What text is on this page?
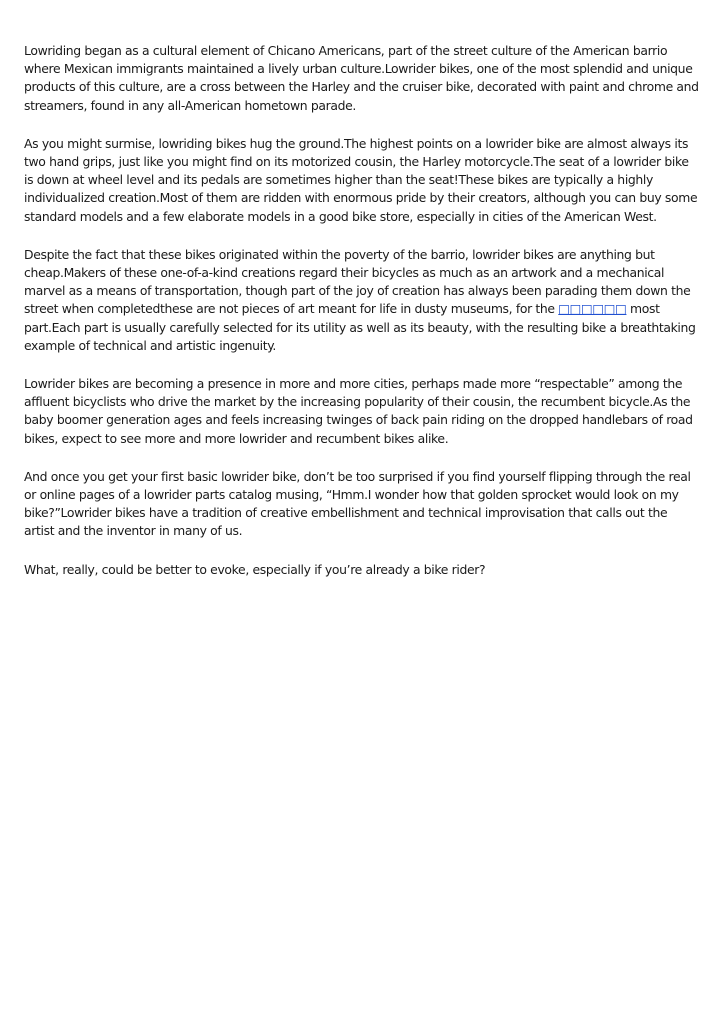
Lowriding began as a cultural element of Chicano Americans, part of the street culture of the American barrio where Mexican immigrants maintained a lively urban culture.Lowrider bikes, one of the most splendid and unique products of this culture, are a cross between the Harley and the cruiser bike, decorated with paint and chrome and streamers, found in any all-American hometown parade.

As you might surmise, lowriding bikes hug the ground.The highest points on a lowrider bike are almost always its two hand grips, just like you might find on its motorized cousin, the Harley motorcycle.The seat of a lowrider bike is down at wheel level and its pedals are sometimes higher than the seat!These bikes are typically a highly individualized creation.Most of them are ridden with enormous pride by their creators, although you can buy some standard models and a few elaborate models in a good bike store, especially in cities of the American West.

Despite the fact that these bikes originated within the poverty of the barrio, lowrider bikes are anything but cheap.Makers of these one-of-a-kind creations regard their bicycles as much as an artwork and a mechanical marvel as a means of transportation, though part of the joy of creation has always been parading them down the street when completedthese are not pieces of art meant for life in dusty museums, for the □□□□□□ most part.Each part is usually carefully selected for its utility as well as its beauty, with the resulting bike a breathtaking example of technical and artistic ingenuity.

Lowrider bikes are becoming a presence in more and more cities, perhaps made more “respectable” among the affluent bicyclists who drive the market by the increasing popularity of their cousin, the recumbent bicycle.As the baby boomer generation ages and feels increasing twinges of back pain riding on the dropped handlebars of road bikes, expect to see more and more lowrider and recumbent bikes alike.

And once you get your first basic lowrider bike, don’t be too surprised if you find yourself flipping through the real or online pages of a lowrider parts catalog musing, “Hmm.I wonder how that golden sprocket would look on my bike?”Lowrider bikes have a tradition of creative embellishment and technical improvisation that calls out the artist and the inventor in many of us.

What, really, could be better to evoke, especially if you’re already a bike rider?
